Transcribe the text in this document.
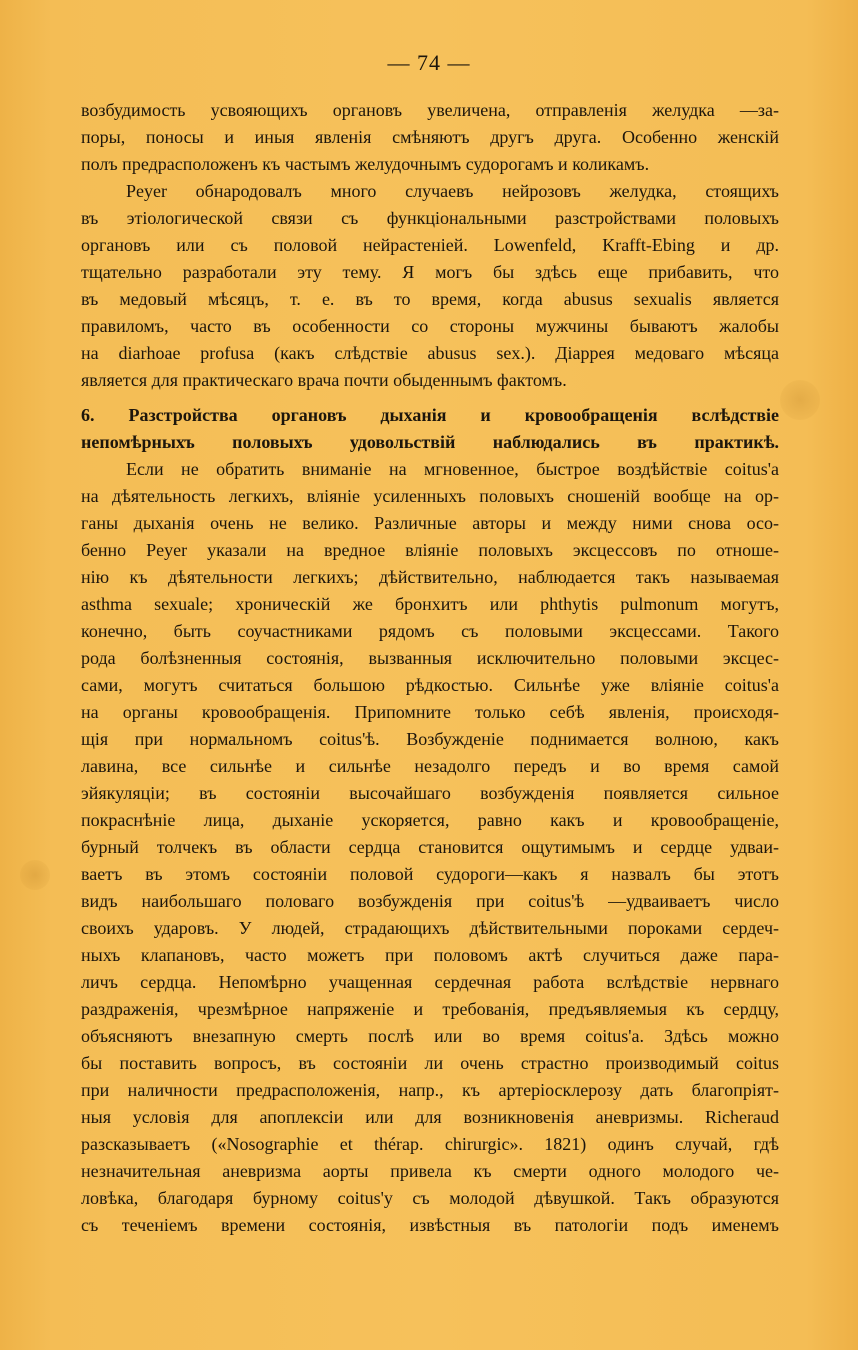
— 74 —
возбудимость усвояющихъ органовъ увеличена, отправленія желудка —за-
поры, поносы и иныя явленія смѣняютъ другъ друга. Особенно женскій
полъ предрасположенъ къ частымъ желудочнымъ судорогамъ и коликамъ.
Peyer обнародовалъ много случаевъ нейрозовъ желудка, стоящихъ
въ этіологической связи съ функціональными разстройствами половыхъ
органовъ или съ половой нейрастеніей. Lowenfeld, Krafft-Ebing и др.
тщательно разработали эту тему. Я могъ бы здѣсь еще прибавить, что
въ медовый мѣсяцъ, т. е. въ то время, когда abusus sexualis является
правиломъ, часто въ особенности со стороны мужчины бываютъ жалобы
на diarhoae profusa (какъ слѣдствіе abusus sex.). Діаррея медоваго мѣсяца
является для практическаго врача почти обыденнымъ фактомъ.
6. Разстройства органовъ дыханія и кровообращенія вслѣдствіе
непомѣрныхъ половыхъ удовольствій наблюдались въ практикѣ.
Если не обратить вниманіе на мгновенное, быстрое воздѣйствіе coitus'a
на дѣятельность легкихъ, вліяніе усиленныхъ половыхъ сношеній вообще на ор-
ганы дыханія очень не велико. Различные авторы и между ними снова осо-
бенно Peyer указали на вредное вліяніе половыхъ эксцессовъ по отноше-
нію къ дѣятельности легкихъ; дѣйствительно, наблюдается такъ называемая
asthma sexuale; хроническій же бронхитъ или phthytis pulmonum могутъ,
конечно, быть соучастниками рядомъ съ половыми эксцессами. Такого
рода болѣзненныя состоянія, вызванныя исключительно половыми эксцес-
сами, могутъ считаться большою рѣдкостью. Сильнѣе уже вліяніе coitus'a
на органы кровообращенія. Припомните только себѣ явленія, происходя-
щія при нормальномъ coitus'ѣ. Возбужденіе поднимается волною, какъ
лавина, все сильнѣе и сильнѣе незадолго передъ и во время самой
эйякуляціи; въ состояніи высочайшаго возбужденія появляется сильное
покраснѣніе лица, дыханіе ускоряется, равно какъ и кровообращеніе,
бурный толчекъ въ области сердца становится ощутимымъ и сердце удваи-
ваетъ въ этомъ состояніи половой судороги—какъ я назвалъ бы этотъ
видъ наибольшаго половаго возбужденія при coitus'ѣ —удваиваетъ число
своихъ ударовъ. У людей, страдающихъ дѣйствительными пороками сердеч-
ныхъ клапановъ, часто можетъ при половомъ актѣ случиться даже пара-
личъ сердца. Непомѣрно учащенная сердечная работа вслѣдствіе нервнаго
раздраженія, чрезмѣрное напряженіе и требованія, предъявляемыя къ сердцу,
объясняютъ внезапную смерть послѣ или во время coitus'a. Здѣсь можно
бы поставить вопросъ, въ состояніи ли очень страстно производимый coitus
при наличности предрасположенія, напр., къ артеріосклерозу дать благопріят-
ныя условія для апоплексіи или для возникновенія аневризмы. Richeraud
разсказываетъ («Nosographie et thérap. chirurgic». 1821) одинъ случай, гдѣ
незначительная аневризма аорты привела къ смерти одного молодого че-
ловѣка, благодаря бурному coitus'у съ молодой дѣвушкой. Такъ образуются
съ теченіемъ времени состоянія, извѣстныя въ патологіи подъ именемъ
